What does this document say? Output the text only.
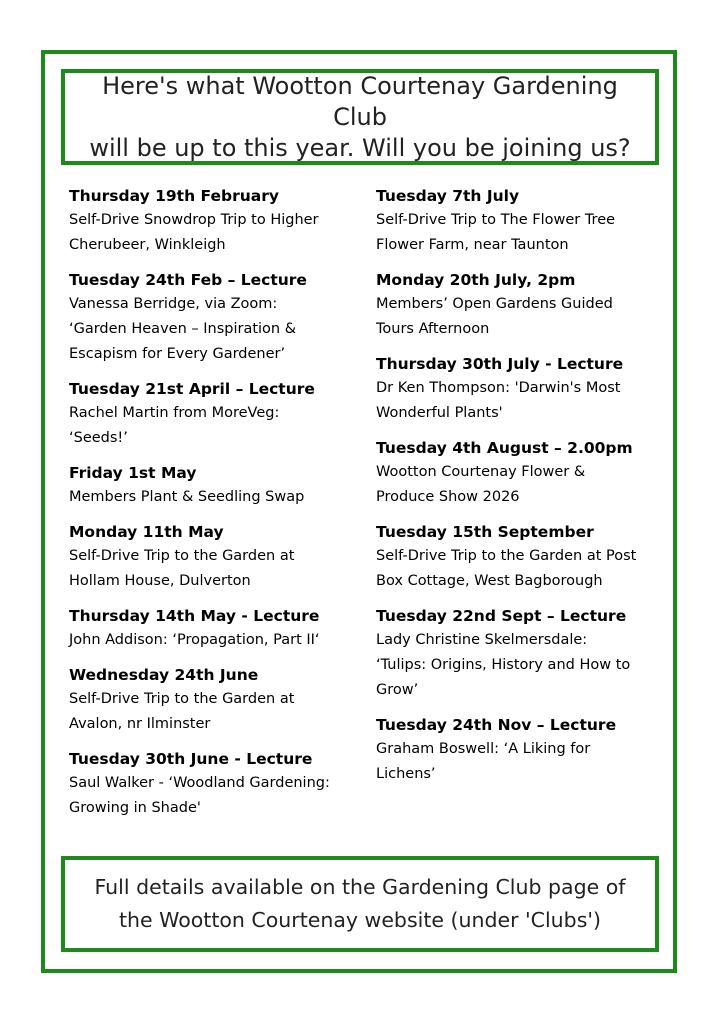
Here's what Wootton Courtenay Gardening Club
will be up to this year. Will you be joining us?
Thursday 19th February
Self-Drive Snowdrop Trip to Higher
Cherubeer, Winkleigh
Tuesday 24th Feb – Lecture
Vanessa Berridge, via Zoom:
‘Garden Heaven – Inspiration &
Escapism for Every Gardener’
Tuesday 21st April – Lecture
Rachel Martin from MoreVeg:
‘Seeds!’
Friday 1st May
Members Plant & Seedling Swap
Monday 11th May
Self-Drive Trip to the Garden at
Hollam House, Dulverton
Thursday 14th May - Lecture
John Addison: ‘Propagation, Part II‘
Wednesday 24th June
Self-Drive Trip to the Garden at
Avalon, nr Ilminster
Tuesday 30th June - Lecture
Saul Walker - ‘Woodland Gardening:
Growing in Shade'
Tuesday 7th July
Self-Drive Trip to The Flower Tree
Flower Farm, near Taunton
Monday 20th July, 2pm
Members’ Open Gardens Guided
Tours Afternoon
Thursday 30th July - Lecture
Dr Ken Thompson: 'Darwin's Most
Wonderful Plants'
Tuesday 4th August – 2.00pm
Wootton Courtenay Flower &
Produce Show 2026
Tuesday 15th September
Self-Drive Trip to the Garden at Post
Box Cottage, West Bagborough
Tuesday 22nd Sept – Lecture
Lady Christine Skelmersdale:
‘Tulips: Origins, History and How to
Grow’
Tuesday 24th Nov – Lecture
Graham Boswell: ‘A Liking for
Lichens’
Full details available on the Gardening Club page of
the Wootton Courtenay website (under 'Clubs')
